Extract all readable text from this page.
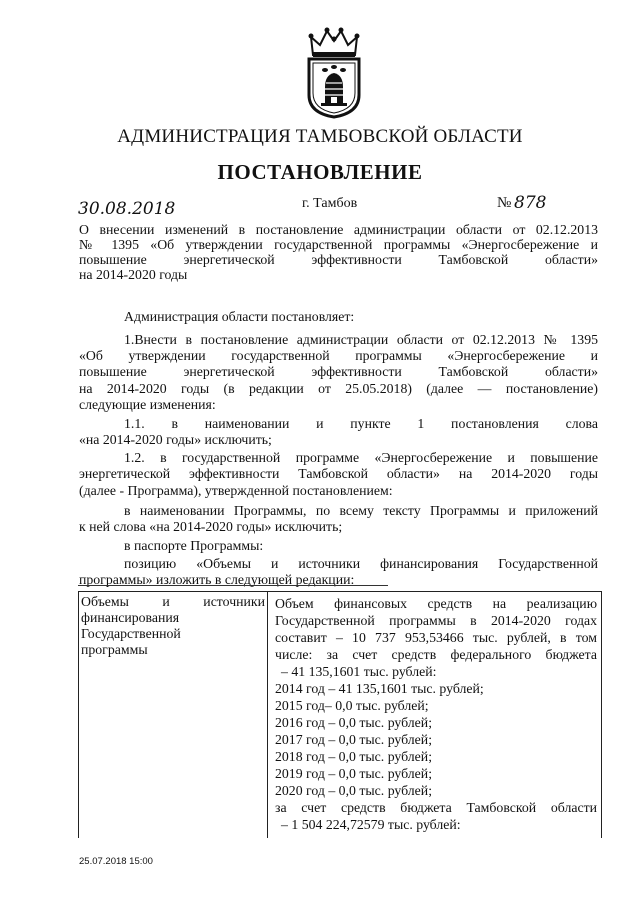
АДМИНИСТРАЦИЯ ТАМБОВСКОЙ ОБЛАСТИ
ПОСТАНОВЛЕНИЕ
30.08.2018	г. Тамбов	№ 878
О внесении изменений в постановление администрации области от 02.12.2013
№ 1395 «Об утверждении государственной программы «Энергосбережение и
повышение энергетической эффективности Тамбовской области»
на 2014-2020 годы
Администрация области постановляет:
1.Внести в постановление администрации области от 02.12.2013 № 1395
«Об утверждении государственной программы «Энергосбережение и
повышение энергетической эффективности Тамбовской области»
на 2014-2020 годы (в редакции от 25.05.2018) (далее — постановление)
следующие изменения:
1.1. в наименовании и пункте 1 постановления слова
«на 2014-2020 годы» исключить;
1.2. в государственной программе «Энергосбережение и повышение
энергетической эффективности Тамбовской области» на 2014-2020 годы
(далее - Программа), утвержденной постановлением:
в наименовании Программы, по всему тексту Программы и приложений
к ней слова «на 2014-2020 годы» исключить;
в паспорте Программы:
позицию «Объемы и источники финансирования Государственной
программы» изложить в следующей редакции:
Объемы и источники
финансирования
Государственной
программы
Объем финансовых средств на реализацию
Государственной программы в 2014-2020 годах
составит – 10 737 953,53466 тыс. рублей, в том
числе: за счет средств федерального бюджета
– 41 135,1601 тыс. рублей:
2014 год – 41 135,1601 тыс. рублей;
2015 год– 0,0 тыс. рублей;
2016 год – 0,0 тыс. рублей;
2017 год – 0,0 тыс. рублей;
2018 год – 0,0 тыс. рублей;
2019 год – 0,0 тыс. рублей;
2020 год – 0,0 тыс. рублей;
за счет средств бюджета Тамбовской области
– 1 504 224,72579 тыс. рублей:
25.07.2018 15:00
